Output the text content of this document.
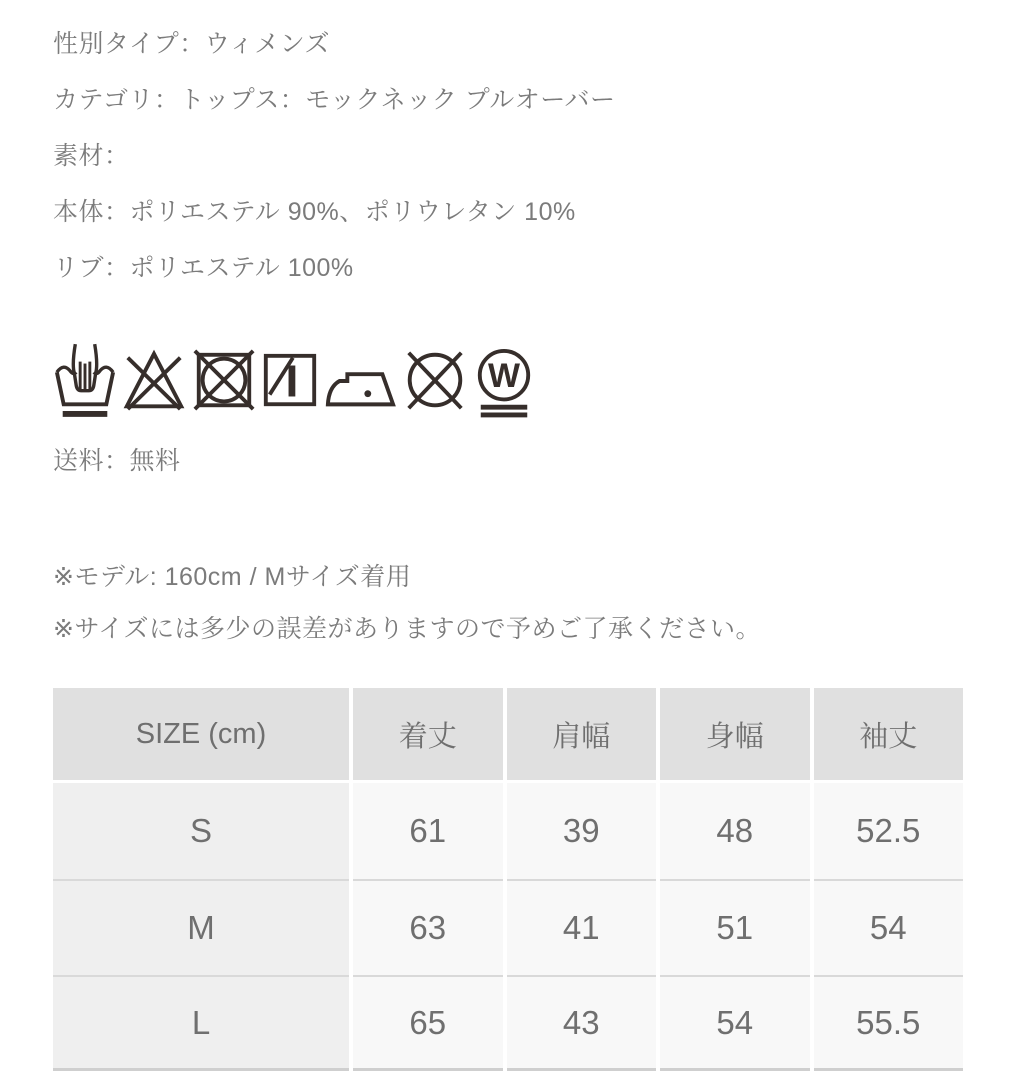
性別タイプ：ウィメンズ
カテゴリ：トップス：モックネック プルオーバー
素材：
本体：ポリエステル 90%、ポリウレタン 10%
リブ：ポリエステル 100%
W
送料：無料
※モデル: 160cm / Mサイズ着用
※サイズには多少の誤差がありますので予めご了承ください。
SIZE (cm)	着丈	肩幅	身幅	袖丈
S	61	39	48	52.5
M	63	41	51	54
L	65	43	54	55.5
